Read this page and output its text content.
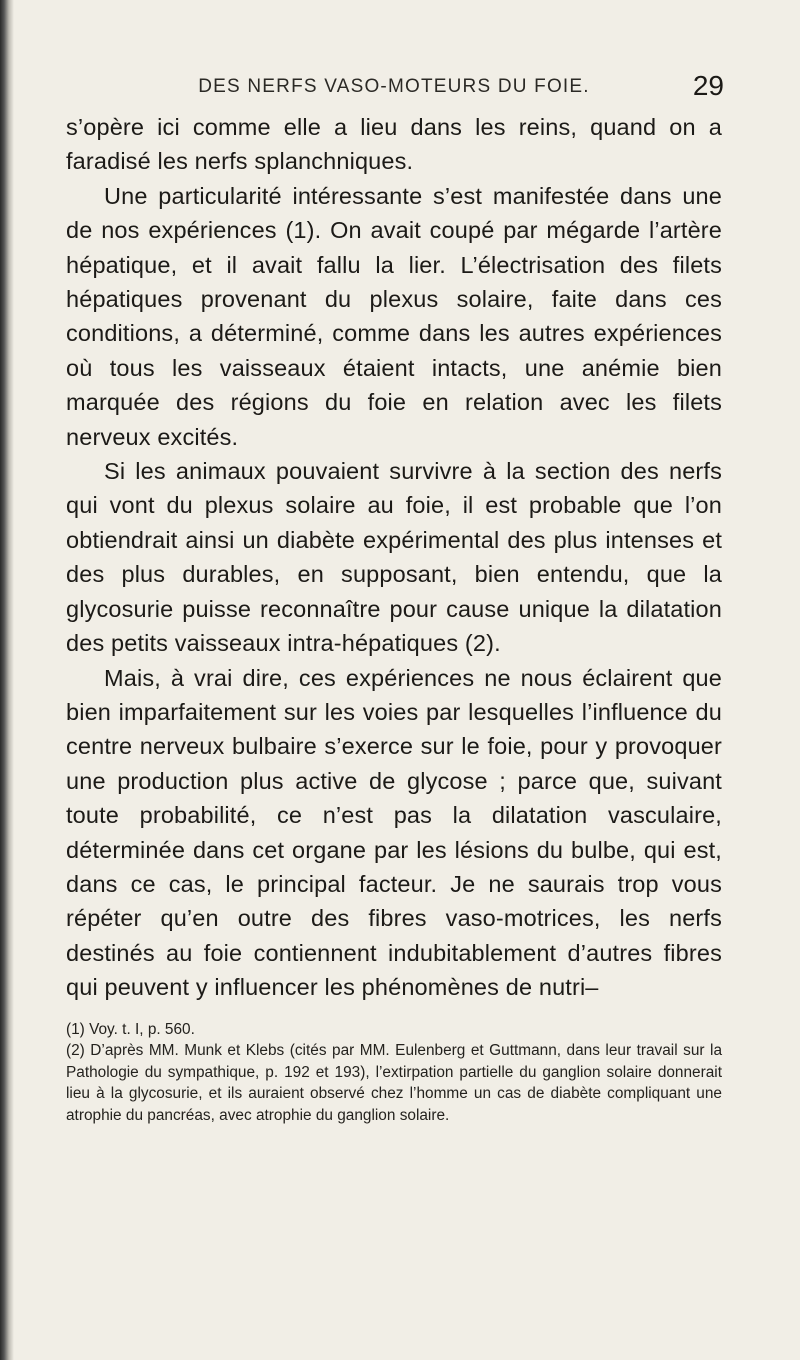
DES NERFS VASO-MOTEURS DU FOIE.	29

s’opère ici comme elle a lieu dans les reins, quand on a faradisé les nerfs splanchniques.

Une particularité intéressante s’est manifestée dans une de nos expériences (1). On avait coupé par mégarde l’artère hépatique, et il avait fallu la lier. L’électrisation des filets hépatiques provenant du plexus solaire, faite dans ces conditions, a déterminé, comme dans les autres expériences où tous les vaisseaux étaient intacts, une anémie bien marquée des régions du foie en relation avec les filets nerveux excités.

Si les animaux pouvaient survivre à la section des nerfs qui vont du plexus solaire au foie, il est probable que l’on obtiendrait ainsi un diabète expérimental des plus intenses et des plus durables, en supposant, bien entendu, que la glycosurie puisse reconnaître pour cause unique la dilatation des petits vaisseaux intra-hépatiques (2).

Mais, à vrai dire, ces expériences ne nous éclairent que bien imparfaitement sur les voies par lesquelles l’influence du centre nerveux bulbaire s’exerce sur le foie, pour y provoquer une production plus active de glycose ; parce que, suivant toute probabilité, ce n’est pas la dilatation vasculaire, déterminée dans cet organe par les lésions du bulbe, qui est, dans ce cas, le principal facteur. Je ne saurais trop vous répéter qu’en outre des fibres vaso-motrices, les nerfs destinés au foie contiennent indubitablement d’autres fibres qui peuvent y influencer les phénomènes de nutri–

(1) Voy. t. I, p. 560.

(2) D’après MM. Munk et Klebs (cités par MM. Eulenberg et Guttmann, dans leur travail sur la Pathologie du sympathique, p. 192 et 193), l’extirpation partielle du ganglion solaire donnerait lieu à la glycosurie, et ils auraient observé chez l’homme un cas de diabète compliquant une atrophie du pancréas, avec atrophie du ganglion solaire.
